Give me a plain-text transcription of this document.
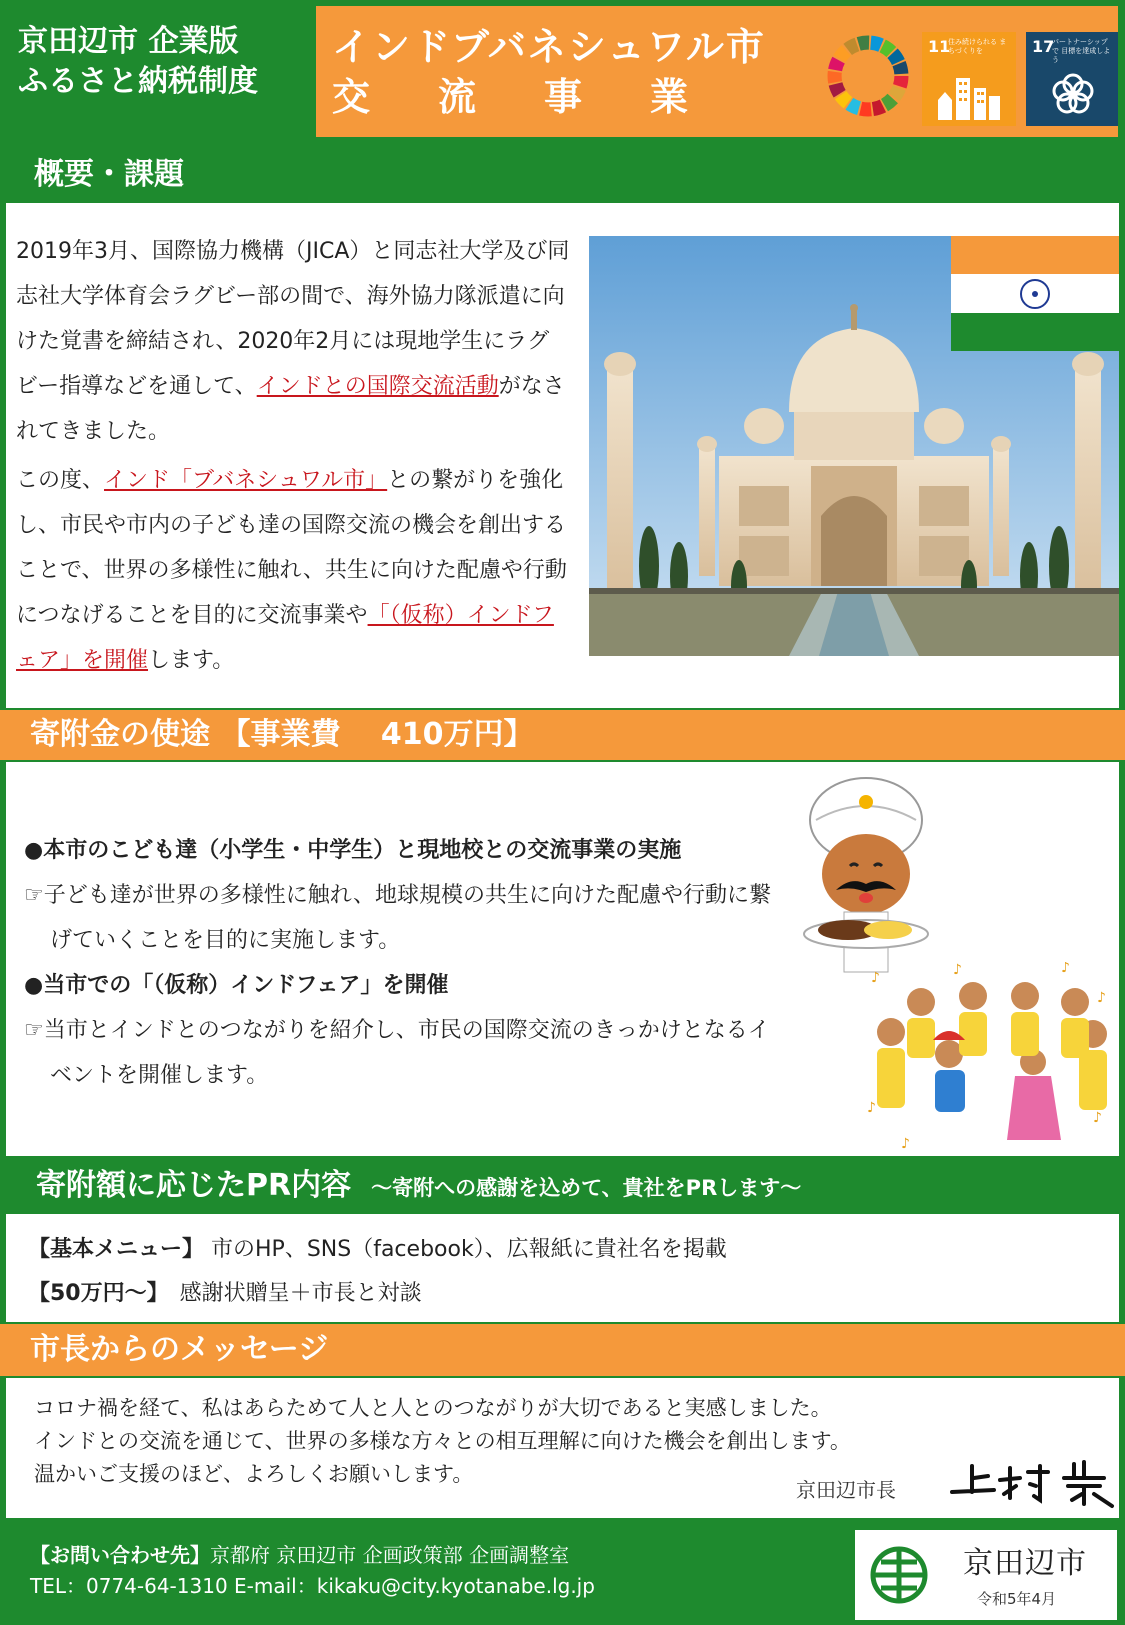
京田辺市 企業版
ふるさと納税制度
インドブバネシュワル市
交 流 事 業
11
住み続けられる まちづくりを	17
パートナーシップで 目標を達成しよう
概要・課題

2019年3月、国際協力機構（JICA）と同志社大学及び同志社大学体育会ラグビー部の間で、海外協力隊派遣に向けた覚書を締結され、2020年2月には現地学生にラグビー指導などを通して、インドとの国際交流活動がなされてきました。

この度、インド「ブバネシュワル市」との繋がりを強化し、市民や市内の子ども達の国際交流の機会を創出することで、世界の多様性に触れ、共生に向けた配慮や行動につなげることを目的に交流事業や「（仮称）インドフェア」を開催します。

寄附金の使途 【事業費　 410万円】
●本市のこども達（小学生・中学生）と現地校との交流事業の実施
☞子ども達が世界の多様性に触れ、地球規模の共生に向けた配慮や行動に繋げていくことを目的に実施します。
●当市での「（仮称）インドフェア」を開催
☞当市とインドとのつながりを紹介し、市民の国際交流のきっかけとなるイベントを開催します。
♪	♪	♪
♪
♪
♪
♪
寄附額に応じたPR内容 ～寄附への感謝を込めて、貴社をPRします～
【基本メニュー】 市のHP、SNS（facebook）、広報紙に貴社名を掲載
【50万円～】　感謝状贈呈＋市長と対談
市長からのメッセージ
コロナ禍を経て、私はあらためて人と人とのつながりが大切であると実感しました。
インドとの交流を通じて、世界の多様な方々との相互理解に向けた機会を創出します。
温かいご支援のほど、よろしくお願いします。
京田辺市長
【お問い合わせ先】京都府 京田辺市 企画政策部 企画調整室
TEL：0774-64-1310 E-mail：kikaku@city.kyotanabe.lg.jp
京田辺市
令和5年4月
